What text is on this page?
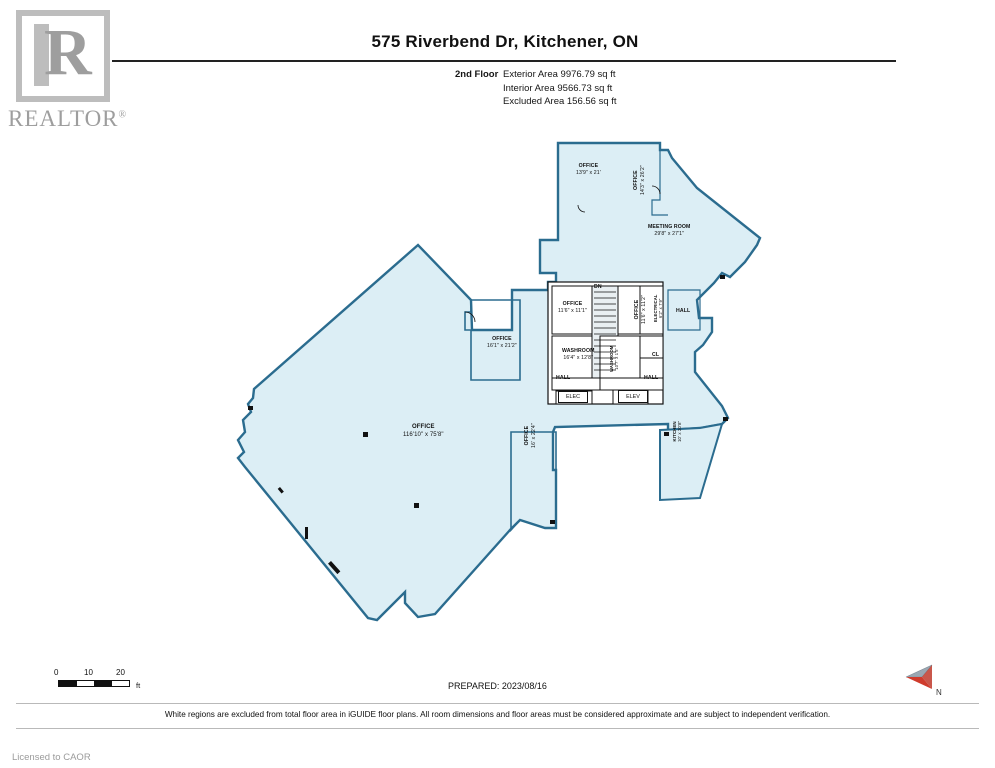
R
REALTOR®
575 Riverbend Dr, Kitchener, ON
2nd Floor Exterior Area 9976.79 sq ft
Interior Area 9566.73 sq ft
Excluded Area 156.56 sq ft
OFFICE
13'9" x 21'	OFFICE
14'3" x 26'2"
MEETING ROOM
29'8" x 27'1"
DN
OFFICE
11'6" x 11'1"	OFFICE
11'6" x 11'2" ELECTRICAL
6'2" x 7'9"	HALL
OFFICE
16'1" x 21'2"
WASHROOM
16'4" x 12'8"	WASHROOM
10'7" x 1'5"
HALL	HALL
CL
ELEC	ELEV
OFFICE
116'10" x 75'8"	OFFICE
16' x 22'4"	KITCHEN
10' x 20'8"
0	10	20
ft	PREPARED: 2023/08/16
N
White regions are excluded from total floor area in iGUIDE floor plans. All room dimensions and floor areas must be considered approximate and are subject to independent verification.
Licensed to CAOR
